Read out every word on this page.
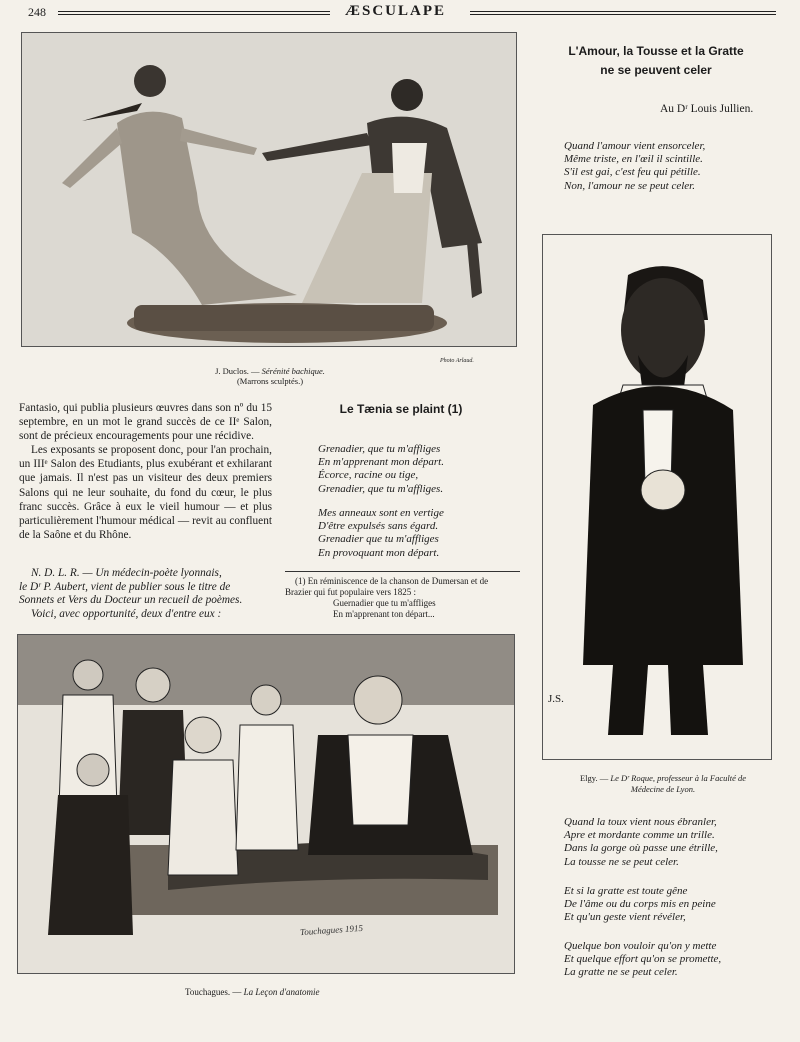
248	ÆSCULAPE
Photo Arlaud.
J. Duclos. — Sérénité bachique.
(Marrons sculptés.)

Fantasio, qui publia plusieurs œuvres dans son nº du 15 septembre, en un mot le grand succès de ce IIᵉ Salon, sont de précieux encouragements pour une récidive.

Les exposants se proposent donc, pour l'an prochain, un IIIᵉ Salon des Etudiants, plus exubérant et exhilarant que jamais. Il n'est pas un visiteur des deux premiers Salons qui ne leur souhaite, du fond du cœur, le plus franc succès. Grâce à eux le vieil humour — et plus particulièrement l'humour médical — revit au confluent de la Saône et du Rhône.

N. D. L. R. — Un médecin-poète lyonnais,
le Dʳ P. Aubert, vient de publier sous le titre de
Sonnets et Vers du Docteur un recueil de poèmes.
Voici, avec opportunité, deux d'entre eux :
Le Tænia se plaint (1)
Grenadier, que tu m'affliges
En m'apprenant mon départ.
Écorce, racine ou tige,
Grenadier, que tu m'affliges.
Mes anneaux sont en vertige
D'être expulsés sans égard.
Grenadier que tu m'affliges
En provoquant mon départ.
(1) En réminiscence de la chanson de Dumersan et de
Brazier qui fut populaire vers 1825 :
Guernadier que tu m'affliges
En m'apprenant ton départ...
Touchagues 1915
Touchagues. — La Leçon d'anatomie
L'Amour, la Tousse et la Gratte
ne se peuvent celer
Au Dʳ Louis Jullien.
Quand l'amour vient ensorceler,
Même triste, en l'œil il scintille.
S'il est gai, c'est feu qui pétille.
Non, l'amour ne se peut celer.
J.S.
Elgy. — Le Dʳ Roque, professeur à la Faculté de
Médecine de Lyon.
Quand la toux vient nous ébranler,
Apre et mordante comme un trille.
Dans la gorge où passe une étrille,
La tousse ne se peut celer.
Et si la gratte est toute gêne
De l'âme ou du corps mis en peine
Et qu'un geste vient révéler,
Quelque bon vouloir qu'on y mette
Et quelque effort qu'on se promette,
La gratte ne se peut celer.
